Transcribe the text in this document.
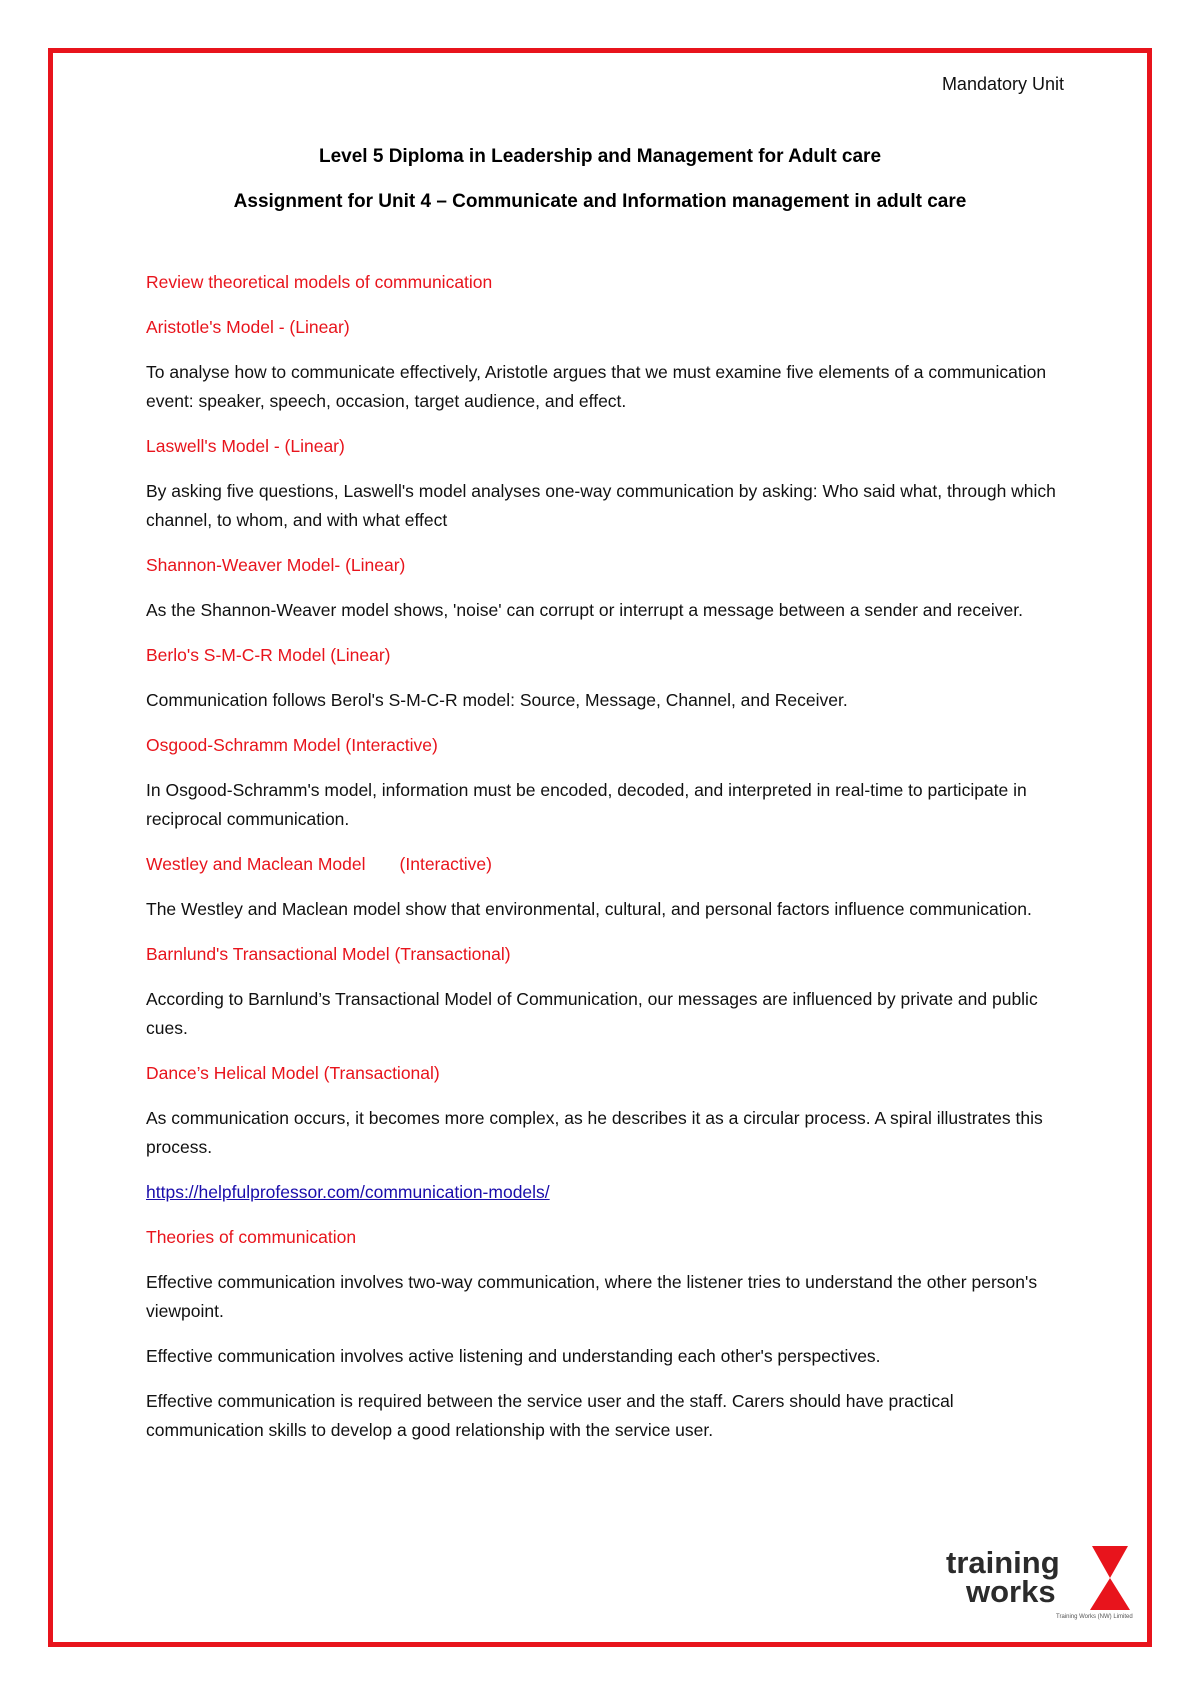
Mandatory Unit
Level 5 Diploma in Leadership and Management for Adult care
Assignment for Unit 4 – Communicate and Information management in adult care
Review theoretical models of communication
Aristotle's Model - (Linear)
To analyse how to communicate effectively, Aristotle argues that we must examine five elements of a communication event: speaker, speech, occasion, target audience, and effect.
Laswell's Model - (Linear)
By asking five questions, Laswell's model analyses one-way communication by asking: Who said what, through which channel, to whom, and with what effect
Shannon-Weaver Model- (Linear)
As the Shannon-Weaver model shows, 'noise' can corrupt or interrupt a message between a sender and receiver.
Berlo's S-M-C-R Model (Linear)
Communication follows Berol's S-M-C-R model: Source, Message, Channel, and Receiver.
Osgood-Schramm Model (Interactive)
In Osgood-Schramm's model, information must be encoded, decoded, and interpreted in real-time to participate in reciprocal communication.
Westley and Maclean Model       (Interactive)
The Westley and Maclean model show that environmental, cultural, and personal factors influence communication.
Barnlund's Transactional Model (Transactional)
According to Barnlund’s Transactional Model of Communication, our messages are influenced by private and public cues.
Dance’s Helical Model (Transactional)
As communication occurs, it becomes more complex, as he describes it as a circular process. A spiral illustrates this process.
https://helpfulprofessor.com/communication-models/
Theories of communication
Effective communication involves two-way communication, where the listener tries to understand the other person's viewpoint.
Effective communication involves active listening and understanding each other's perspectives.
Effective communication is required between the service user and the staff. Carers should have practical communication skills to develop a good relationship with the service user.
training
works
Training Works (NW) Limited
